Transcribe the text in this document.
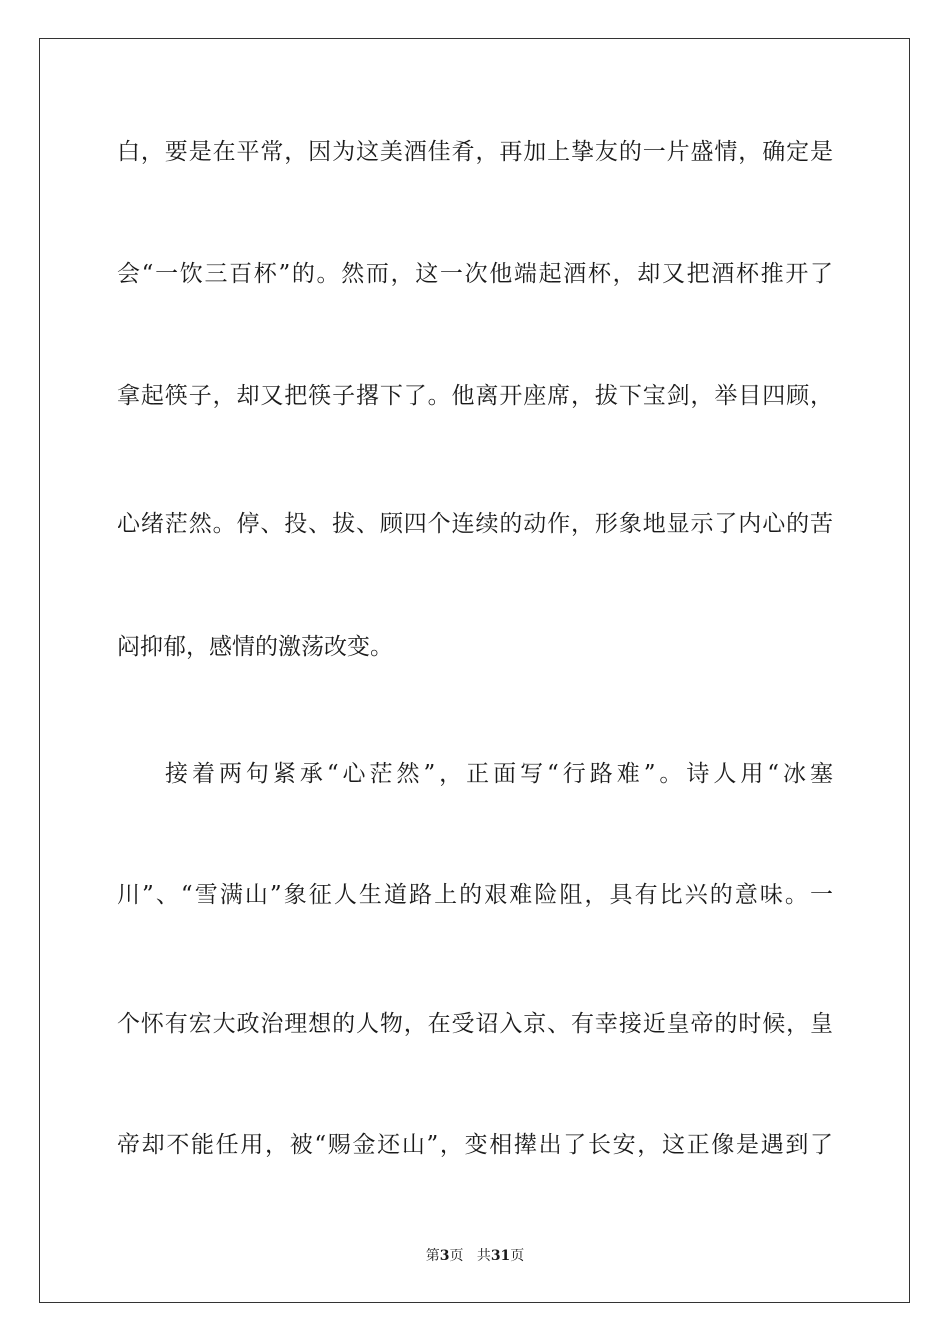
白，要是在平常，因为这美酒佳肴，再加上挚友的一片盛情，确定是
会“一饮三百杯”的。然而，这一次他端起酒杯，却又把酒杯推开了
拿起筷子，却又把筷子撂下了。他离开座席，拔下宝剑，举目四顾，
心绪茫然。停、投、拔、顾四个连续的动作，形象地显示了内心的苦
闷抑郁，感情的激荡改变。
接着两句紧承“心茫然”，正面写“行路难”。诗人用“冰塞
川”、“雪满山”象征人生道路上的艰难险阻，具有比兴的意味。一
个怀有宏大政治理想的人物，在受诏入京、有幸接近皇帝的时候，皇
帝却不能任用，被“赐金还山”，变相撵出了长安，这正像是遇到了
第3页 共31页
